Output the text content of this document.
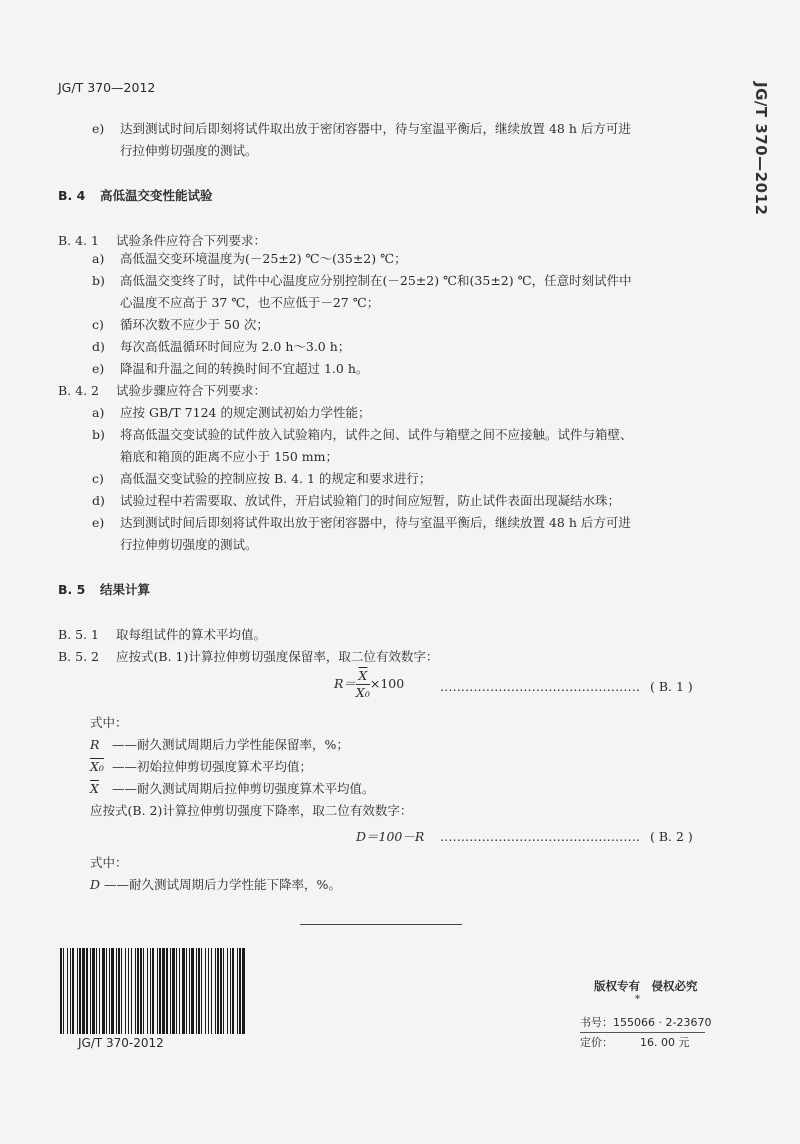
JG/T 370—2012	JG/T 370—2012
e) 达到测试时间后即刻将试件取出放于密闭容器中，待与室温平衡后，继续放置 48 h 后方可进
行拉伸剪切强度的测试。
B. 4 高低温交变性能试验
B. 4. 1 试验条件应符合下列要求：
a) 高低温交变环境温度为(－25±2) ℃～(35±2) ℃；
b) 高低温交变终了时，试件中心温度应分别控制在(－25±2) ℃和(35±2) ℃，任意时刻试件中
心温度不应高于 37 ℃，也不应低于－27 ℃；
c) 循环次数不应少于 50 次；
d) 每次高低温循环时间应为 2.0 h～3.0 h；
e) 降温和升温之间的转换时间不宜超过 1.0 h。
B. 4. 2 试验步骤应符合下列要求：
a) 应按 GB/T 7124 的规定测试初始力学性能；
b) 将高低温交变试验的试件放入试验箱内，试件之间、试件与箱壁之间不应接触。试件与箱壁、
箱底和箱顶的距离不应小于 150 mm；
c) 高低温交变试验的控制应按 B. 4. 1 的规定和要求进行；
d) 试验过程中若需要取、放试件，开启试验箱门的时间应短暂，防止试件表面出现凝结水珠；
e) 达到测试时间后即刻将试件取出放于密闭容器中，待与室温平衡后，继续放置 48 h 后方可进
行拉伸剪切强度的测试。
B. 5 结果计算
B. 5. 1 取每组试件的算术平均值。
B. 5. 2 应按式(B. 1)计算拉伸剪切强度保留率，取二位有效数字：
$R= \frac{\overline{X}}{\text{X₀}} \times 100$	………………………………………… ( B. 1 )
式中：
R ——耐久测试周期后力学性能保留率，%；
X₀ ——初始拉伸剪切强度算术平均值；
$\overline{X}$ ——耐久测试周期后拉伸剪切强度算术平均值。
应按式(B. 2)计算拉伸剪切强度下降率，取二位有效数字：
D＝100－R ………………………………………… ( B. 2 )
式中：
D ——耐久测试周期后力学性能下降率，%。
JG/T 370-2012
版权专有　侵权必究
*
书号：155066 · 2-23670
定价： 16. 00 元
